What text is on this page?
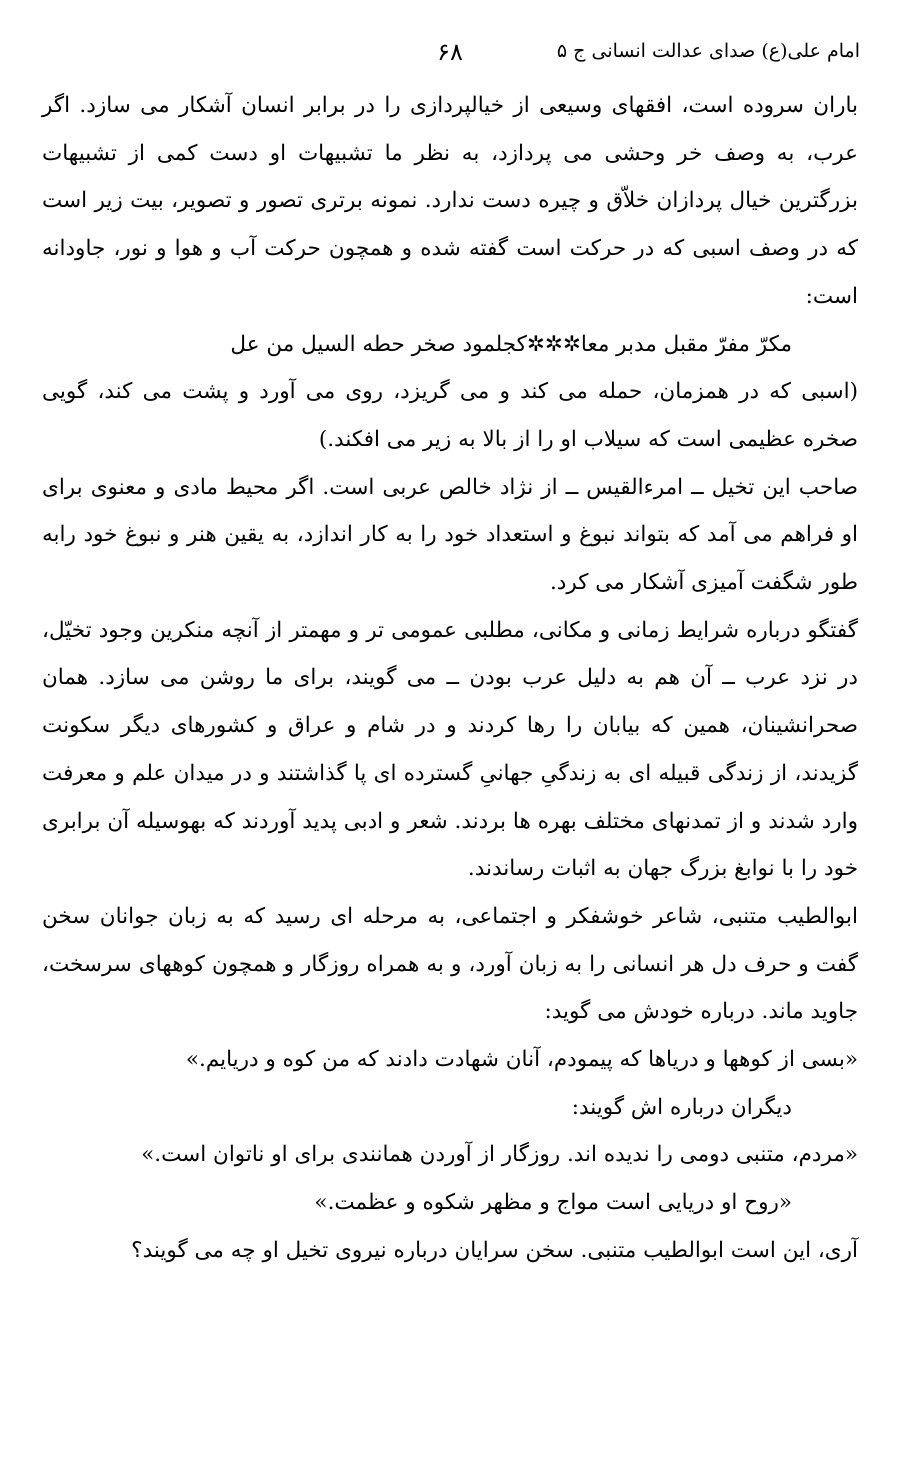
امام علی(ع) صدای عدالت انسانی ج ۵
۶۸

باران سروده است، افقهای وسیعی از خیالپردازی را در برابر انسان آشکار می سازد. اگر عرب، به وصف خر وحشی می پردازد، به نظر ما تشبیهات او دست کمی از تشبیهات بزرگترین خیال پردازان خلاّق و چیره دست ندارد. نمونه برتری تصور و تصویر، بیت زیر است که در وصف اسبی که در حرکت است گفته شده و همچون حرکت آب و هوا و نور، جاودانه است:

مکرّ مفرّ مقبل مدبر معا✲✲✲کجلمود صخر حطه السیل من عل

(اسبی که در همزمان، حمله می کند و می گریزد، روی می آورد و پشت می کند، گویی صخره عظیمی است که سیلاب او را از بالا به زیر می افکند.)

صاحب این تخیل ــ امرءالقیس ــ از نژاد خالص عربی است. اگر محیط مادی و معنوی برای او فراهم می آمد که بتواند نبوغ و استعداد خود را به کار اندازد، به یقین هنر و نبوغ خود رابه طور شگفت آمیزی آشکار می کرد.

گفتگو درباره شرایط زمانی و مکانی، مطلبی عمومی تر و مهمتر از آنچه منکرین وجود تخیّل، در نزد عرب ــ آن هم به دلیل عرب بودن ــ می گویند، برای ما روشن می سازد. همان صحرانشینان، همین که بیابان را رها کردند و در شام و عراق و کشورهای دیگر سکونت گزیدند، از زندگی قبیله ای به زندگیِ جهانیِ گسترده ای پا گذاشتند و در میدان علم و معرفت وارد شدند و از تمدنهای مختلف بهره ها بردند. شعر و ادبی پدید آوردند که بهوسیله آن برابری خود را با نوابغ بزرگ جهان به اثبات رساندند.

ابوالطیب متنبی، شاعر خوشفکر و اجتماعی، به مرحله ای رسید که به زبان جوانان سخن گفت و حرف دل هر انسانی را به زبان آورد، و به همراه روزگار و همچون کوههای سرسخت، جاوید ماند. درباره خودش می گوید:

«بسی از کوهها و دریاها که پیمودم، آنان شهادت دادند که من کوه و دریایم.»

دیگران درباره اش گویند:

«مردم، متنبی دومی را ندیده اند. روزگار از آوردن همانندی برای او ناتوان است.»

«روح او دریایی است مواج و مظهر شکوه و عظمت.»

آری، این است ابوالطیب متنبی. سخن سرایان درباره نیروی تخیل او چه می گویند؟
